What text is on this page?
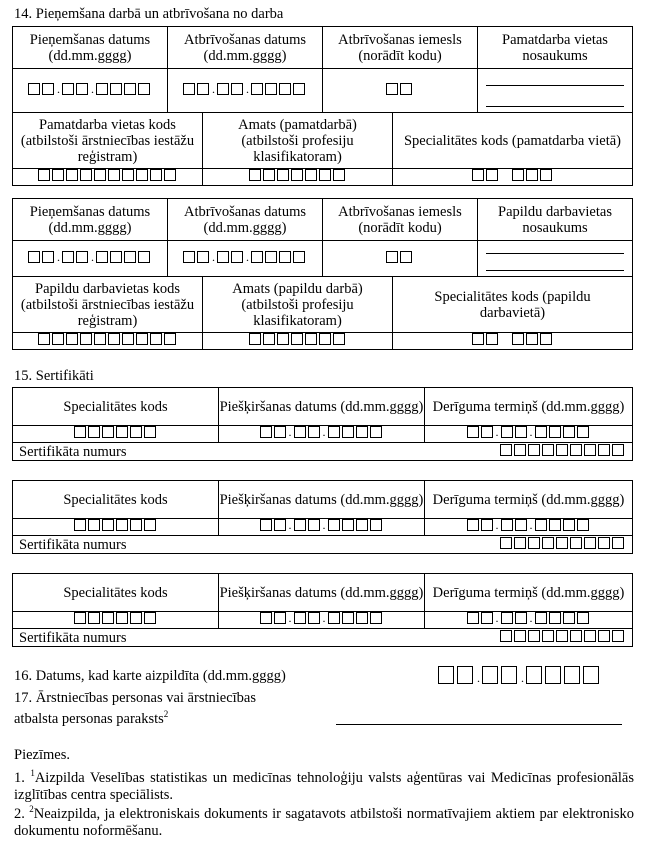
14. Pieņemšana darbā un atbrīvošana no darba
Pieņemšanas datums (dd.mm.gggg)	Atbrīvošanas datums (dd.mm.gggg)	Atbrīvošanas iemesls (norādīt kodu)	Pamatdarba vietas nosaukums

. .	. .		

Pamatdarba vietas kods (atbilstoši ārstniecības iestāžu reģistram)	Amats (pamatdarbā) (atbilstoši profesiju klasifikatoram)	Specialitātes kods (pamatdarba vietā)

Pieņemšanas datums (dd.mm.gggg)	Atbrīvošanas datums (dd.mm.gggg)	Atbrīvošanas iemesls (norādīt kodu)	Papildu darbavietas nosaukums

. .	. .		

Papildu darbavietas kods (atbilstoši ārstniecības iestāžu reģistram)	Amats (papildu darbā) (atbilstoši profesiju klasifikatoram)	Specialitātes kods (papildu darbavietā)

15. Sertifikāti
Specialitātes kods	Piešķiršanas datums (dd.mm.gggg)	Derīguma termiņš (dd.mm.gggg)

	. .	. .

Sertifikāta numurs		
Specialitātes kods	Piešķiršanas datums (dd.mm.gggg)	Derīguma termiņš (dd.mm.gggg)

	. .	. .

Sertifikāta numurs		
Specialitātes kods	Piešķiršanas datums (dd.mm.gggg)	Derīguma termiņš (dd.mm.gggg)

	. .	. .

Sertifikāta numurs		
16. Datums, kad karte aizpildīta (dd.mm.gggg)	.	.
17. Ārstniecības personas vai ārstniecības
atbalsta personas paraksts$^2$
Piezīmes.
1. $^1$Aizpilda Veselības statistikas un medicīnas tehnoloģiju valsts aģentūras vai Medicīnas profesionālās izglītības centra speciālists.
2. $^2$Neaizpilda, ja elektroniskais dokuments ir sagatavots atbilstoši normatīvajiem aktiem par elektronisko dokumentu noformēšanu.
